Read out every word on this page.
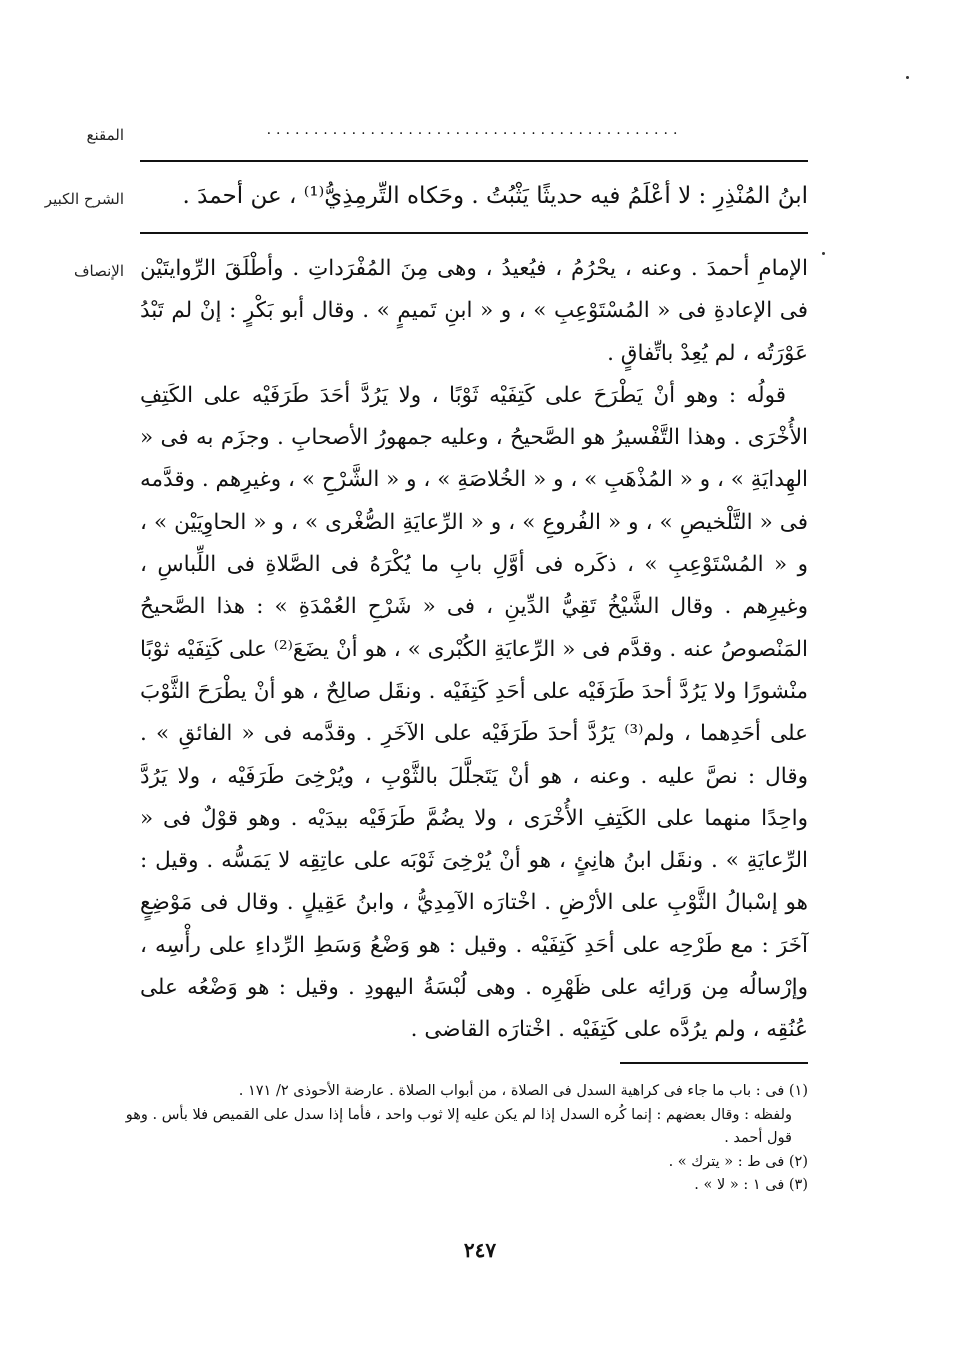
المقنع	............................................
الشرح الكبير	ابنُ المُنْذِرِ : لا أعْلَمُ فيه حديثًا يَثْبُتُ . وحَكاه التِّرمِذِيُّ⁽¹⁾ ، عن أحمدَ .
الإنصاف الإمامِ أحمدَ . وعنه ، يحْرُمُ ، فيُعيدُ ، وهى مِنَ المُفْرَداتِ . وأطْلَقَ الرِّوايتَيْن فى الإعادةِ فى « المُسْتَوْعِبِ » ، و « ابنِ تَميمٍ » . وقال أبو بَكْرٍ : إنْ لم تَبْدُ عَوْرَتُه ، لم يُعِدْ باتِّفاقٍ .

قولُه : وهو أنْ يَطْرَحَ على كَتِفَيْه ثَوْبًا ، ولا يَرُدَّ أحَدَ طَرَفَيْه على الكَتِفِ الأُخْرَى . وهذا التَّفْسيرُ هو الصَّحيحُ ، وعليه جمهورُ الأصحابِ . وجزَم به فى « الهِدايَةِ » ، و « المُذْهَبِ » ، و « الخُلاصَةِ » ، و « الشَّرْحِ » ، وغيرِهم . وقدَّمه فى « التَّلْخيصِ » ، و « الفُروعِ » ، و « الرِّعايَةِ الصُّغْرى » ، و « الحاوِيَيْن » ، و « المُسْتَوْعِبِ » ، ذكَره فى أوَّلِ بابِ ما يُكْرَهُ فى الصَّلاةِ فى اللِّباسِ ، وغيرِهم . وقال الشَّيْخُ تَقِيُّ الدِّينِ ، فى « شَرْحِ العُمْدَةِ » : هذا الصَّحيحُ المَنْصوصُ عنه . وقدَّم فى « الرِّعايَةِ الكُبْرى » ، هو أنْ يضَعَ⁽²⁾ على كَتِفَيْه ثوْبًا منْشورًا ولا يَرُدَّ أحدَ طَرَفَيْه على أحَدِ كَتِفَيْه . ونقَل صالِحٌ ، هو أنْ يطْرَحَ الثَّوْبَ على أحَدِهما ، ولم⁽³⁾ يَرُدَّ أحدَ طَرَفَيْه على الآخَرِ . وقدَّمه فى « الفائقِ » . وقال : نصَّ عليه . وعنه ، هو أنْ يَتَجلَّلَ بالثَّوْبِ ، ويُرْخِىَ طَرَفَيْه ، ولا يَرُدَّ واحِدًا منهما على الكَتِفِ الأُخْرَى ، ولا يضُمَّ طَرَفَيْه بيدَيْه . وهو قوْلٌ فى « الرِّعايَةِ » . ونقَل ابنُ هانِئٍ ، هو أنْ يُرْخِىَ ثَوْبَه على عاتِقِه لا يَمَسُّه . وقيل : هو إسْبالُ الثَّوْبِ على الأرْضِ . اخْتارَه الآمِدِيُّ ، وابنُ عَقِيلٍ . وقال فى مَوْضِعٍ آخَرَ : مع طَرْحِه على أحَدِ كَتِفَيْه . وقيل : هو وَضْعُ وَسَطِ الرِّداءِ على رأْسِه ، وإرْسالُه مِن وَرائِه على ظَهْرِه . وهى لُبْسَةُ اليهودِ . وقيل : هو وَضْعُه على عُنُقِه ، ولم يرُدَّه على كَتِفَيْه . اخْتارَه القاضى .

(١) فى : باب ما جاء فى كراهية السدل فى الصلاة ، من أبواب الصلاة . عارضة الأحوذى ٢/ ١٧١ .
ولفظه : وقال بعضهم : إنما كُره السدل إذا لم يكن عليه إلا ثوب واحد ، فأما إذا سدل على القميص فلا بأس . وهو قول أحمد .
(٢) فى ط : « يترك » .
(٣) فى ١ : « لا » .
٢٤٧
